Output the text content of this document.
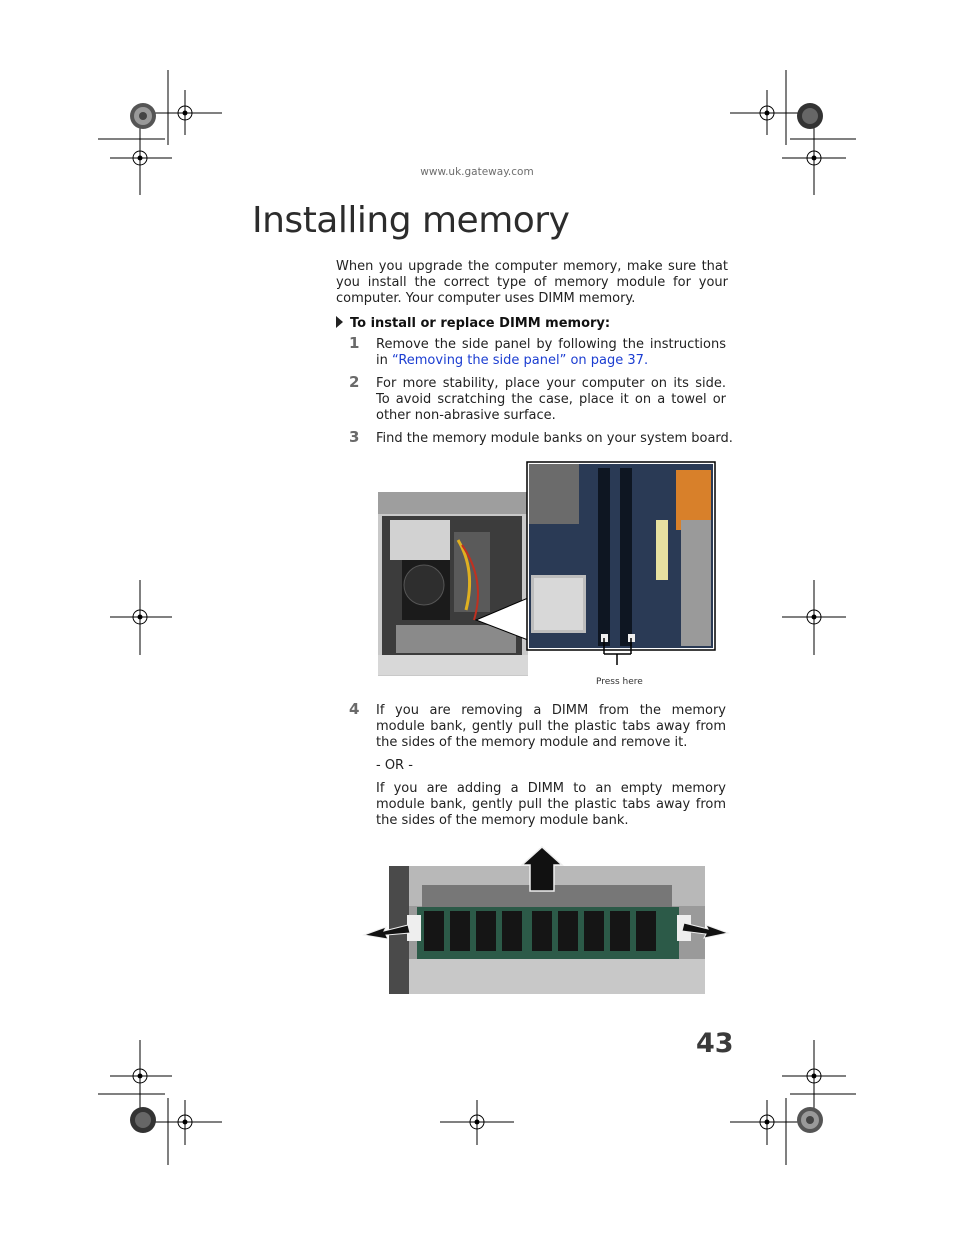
www.uk.gateway.com
Installing memory
When you upgrade the computer memory, make sure that you install the correct type of memory module for your computer. Your computer uses DIMM memory.
To install or replace DIMM memory:
1 Remove the side panel by following the instructions in “Removing the side panel” on page 37.
2 For more stability, place your computer on its side. To avoid scratching the case, place it on a towel or other non-abrasive surface.
3 Find the memory module banks on your system board.
Press here
4 If you are removing a DIMM from the memory module bank, gently pull the plastic tabs away from the sides of the memory module and remove it.
- OR -
If you are adding a DIMM to an empty memory module bank, gently pull the plastic tabs away from the sides of the memory module bank.
43
